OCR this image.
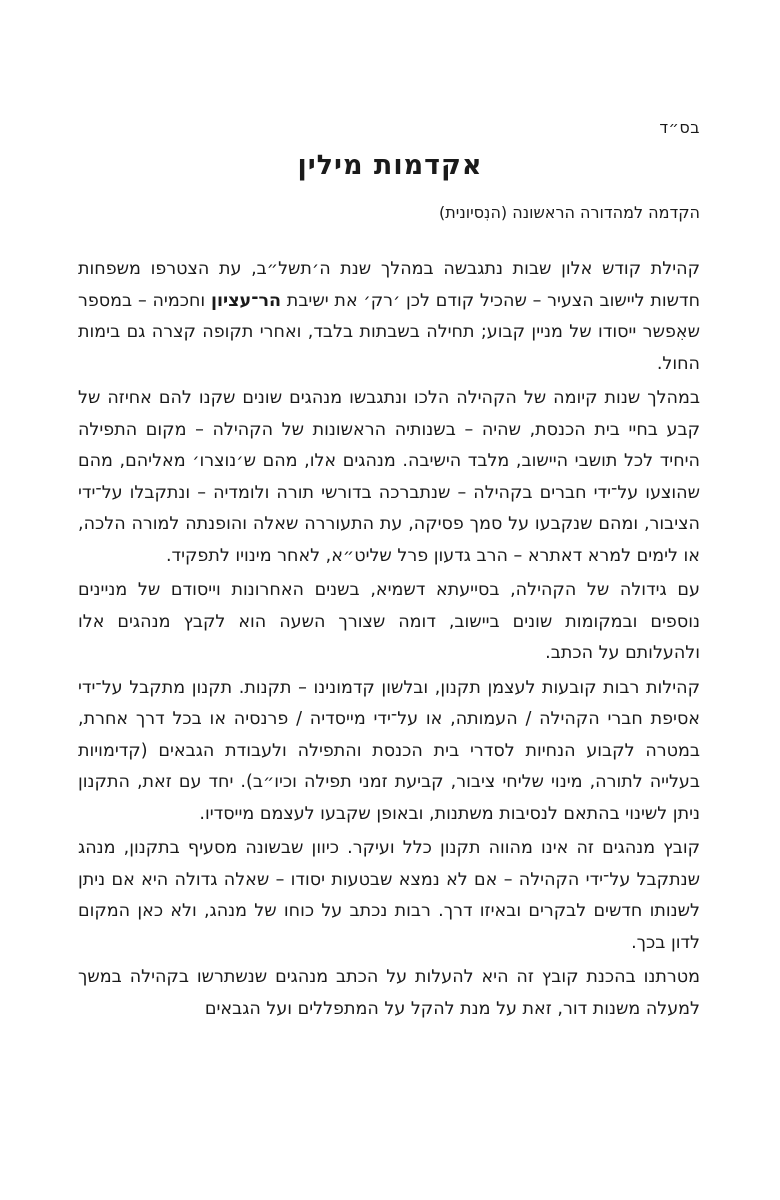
בס״ד
אקדמות מילין
הקדמה למהדורה הראשונה (הנִסיונית)

קהילת קודש אלון שבות נתגבשה במהלך שנת ה׳תשל״ב, עת הצטרפו משפחות חדשות ליישוב הצעיר – שהכיל קודם לכן ׳רק׳ את ישיבת הר־עציון וחכמיה – במספר שאִפשר ייסודו של מניין קבוע; תחילה בשבתות בלבד, ואחרי תקופה קצרה גם בימות החול.

במהלך שנות קיומה של הקהילה הלכו ונתגבשו מנהגים שונים שקנו להם אחיזה של קבע בחיי בית הכנסת, שהיה – בשנותיה הראשונות של הקהילה – מקום התפילה היחיד לכל תושבי היישוב, מלבד הישיבה. מנהגים אלו, מהם ש׳נוצרו׳ מאליהם, מהם שהוצעו על־ידי חברים בקהילה – שנתברכה בדורשי תורה ולומדיה – ונתקבלו על־ידי הציבור, ומהם שנקבעו על סמך פסיקה, עת התעוררה שאלה והופנתה למורה הלכה, או לימים למרא דאתרא – הרב גדעון פרל שליט״א, לאחר מינויו לתפקיד.

עם גידולה של הקהילה, בסייעתא דשמיא, בשנים האחרונות וייסודם של מניינים נוספים ובמקומות שונים ביישוב, דומה שצורך השעה הוא לקבץ מנהגים אלו ולהעלותם על הכתב.

קהילות רבות קובעות לעצמן תקנון, ובלשון קדמונינו – תקנות. תקנון מתקבל על־ידי אסיפת חברי הקהילה / העמותה, או על־ידי מייסדיה / פרנסיה או בכל דרך אחרת, במטרה לקבוע הנחיות לסדרי בית הכנסת והתפילה ולעבודת הגבאים (קדימויות בעלייה לתורה, מינוי שליחי ציבור, קביעת זמני תפילה וכיו״ב). יחד עם זאת, התקנון ניתן לשינוי בהתאם לנסיבות משתנות, ובאופן שקבעו לעצמם מייסדיו.

קובץ מנהגים זה אינו מהווה תקנון כלל ועיקר. כיוון שבשונה מסעיף בתקנון, מנהג שנתקבל על־ידי הקהילה – אם לא נמצא שבטעות יסודו – שאלה גדולה היא אם ניתן לשנותו חדשים לבקרים ובאיזו דרך. רבות נכתב על כוחו של מנהג, ולא כאן המקום לדון בכך.

מטרתנו בהכנת קובץ זה היא להעלות על הכתב מנהגים שנשתרשו בקהילה במשך למעלה משנות דור, זאת על מנת להקל על המתפללים ועל הגבאים
